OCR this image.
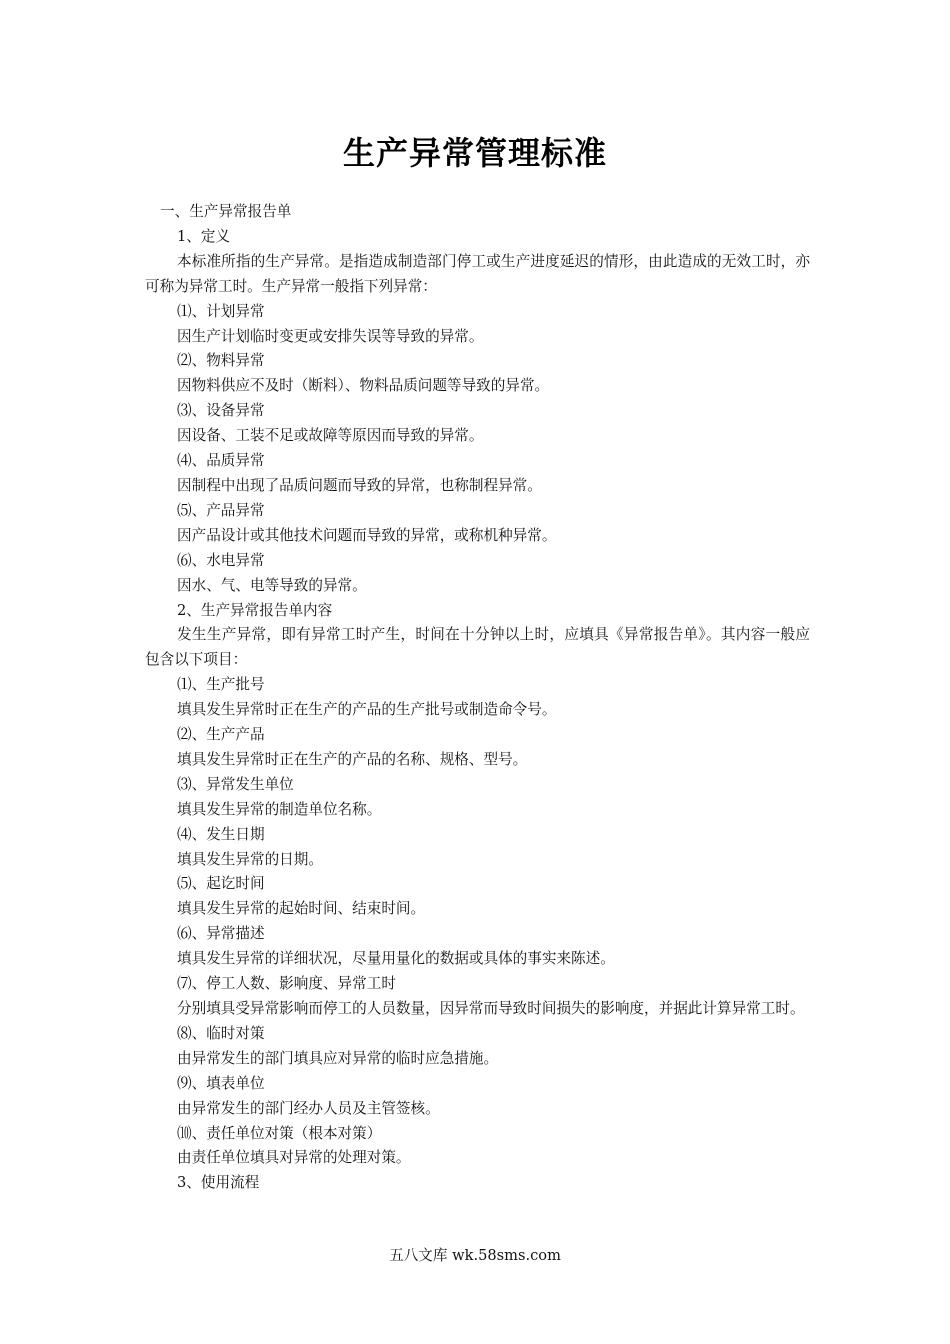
生产异常管理标准
一、生产异常报告单
1、定义
本标准所指的生产异常。是指造成制造部门停工或生产进度延迟的情形，由此造成的无效工时，亦可称为异常工时。生产异常一般指下列异常：
⑴、计划异常
因生产计划临时变更或安排失误等导致的异常。
⑵、物料异常
因物料供应不及时（断料）、物料品质问题等导致的异常。
⑶、设备异常
因设备、工装不足或故障等原因而导致的异常。
⑷、品质异常
因制程中出现了品质问题而导致的异常，也称制程异常。
⑸、产品异常
因产品设计或其他技术问题而导致的异常，或称机种异常。
⑹、水电异常
因水、气、电等导致的异常。
2、生产异常报告单内容
发生生产异常，即有异常工时产生，时间在十分钟以上时，应填具《异常报告单》。其内容一般应包含以下项目：
⑴、生产批号
填具发生异常时正在生产的产品的生产批号或制造命令号。
⑵、生产产品
填具发生异常时正在生产的产品的名称、规格、型号。
⑶、异常发生单位
填具发生异常的制造单位名称。
⑷、发生日期
填具发生异常的日期。
⑸、起讫时间
填具发生异常的起始时间、结束时间。
⑹、异常描述
填具发生异常的详细状况，尽量用量化的数据或具体的事实来陈述。
⑺、停工人数、影响度、异常工时
分别填具受异常影响而停工的人员数量，因异常而导致时间损失的影响度，并据此计算异常工时。
⑻、临时对策
由异常发生的部门填具应对异常的临时应急措施。
⑼、填表单位
由异常发生的部门经办人员及主管签核。
⑽、责任单位对策（根本对策）
由责任单位填具对异常的处理对策。
3、使用流程
五八文库 wk.58sms.com
